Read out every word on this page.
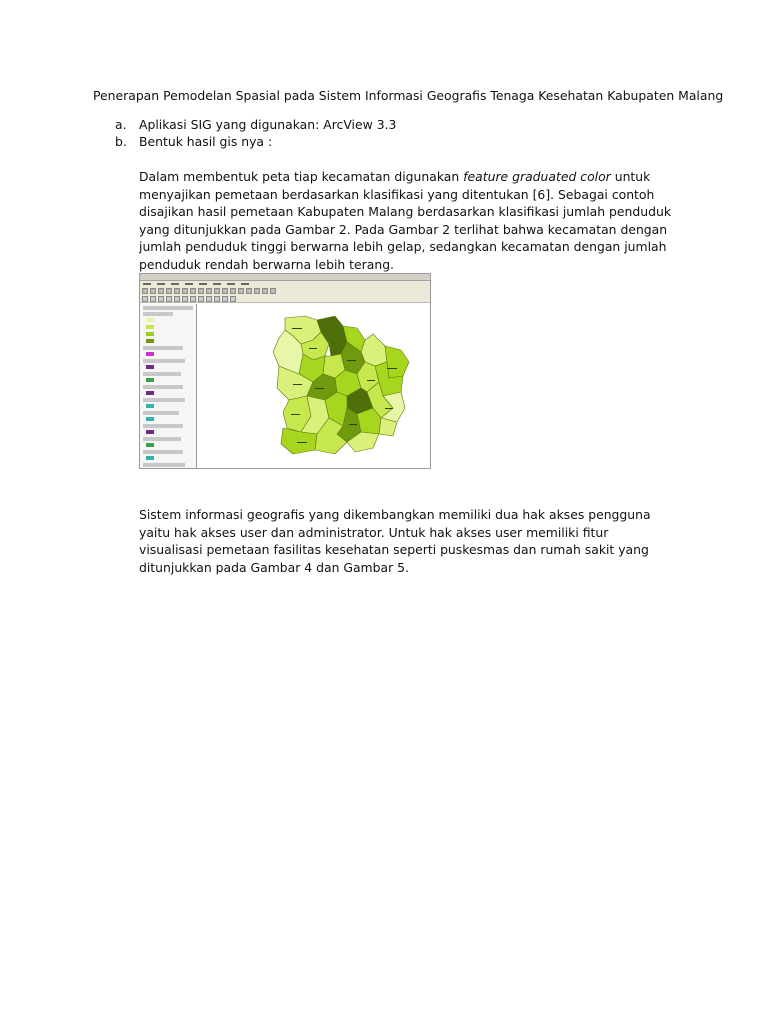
Penerapan Pemodelan Spasial pada Sistem Informasi Geografis Tenaga Kesehatan Kabupaten Malang
a. Aplikasi SIG yang digunakan: ArcView 3.3
b. Bentuk hasil gis nya :

Dalam membentuk peta tiap kecamatan digunakan feature graduated color untuk menyajikan pemetaan berdasarkan klasifikasi yang ditentukan [6]. Sebagai contoh disajikan hasil pemetaan Kabupaten Malang berdasarkan klasifikasi jumlah penduduk yang ditunjukkan pada Gambar 2. Pada Gambar 2 terlihat bahwa kecamatan dengan jumlah penduduk tinggi berwarna lebih gelap, sedangkan kecamatan dengan jumlah penduduk rendah berwarna lebih terang.

Sistem informasi geografis yang dikembangkan memiliki dua hak akses pengguna yaitu hak akses user dan administrator. Untuk hak akses user memiliki fitur visualisasi pemetaan fasilitas kesehatan seperti puskesmas dan rumah sakit yang ditunjukkan pada Gambar 4 dan Gambar 5.
